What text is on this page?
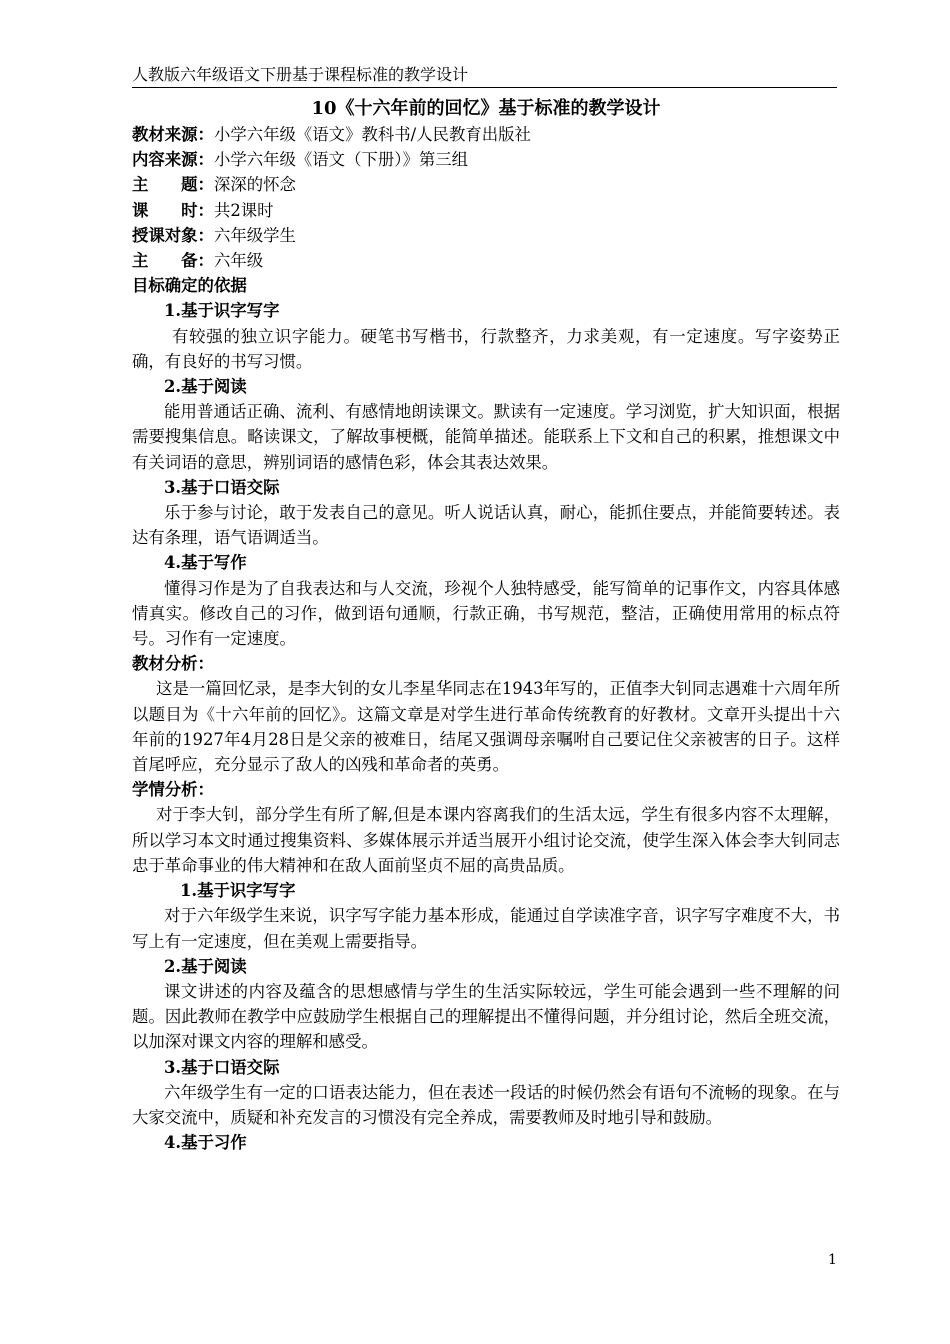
人教版六年级语文下册基于课程标准的教学设计

10《十六年前的回忆》基于标准的教学设计

教材来源：小学六年级《语文》教科书/人民教育出版社

内容来源：小学六年级《语文（下册）》第三组

主　　题：深深的怀念

课　　时：共2课时

授课对象：六年级学生

主　　备：六年级

目标确定的依据

1.基于识字写字

有较强的独立识字能力。硬笔书写楷书，行款整齐，力求美观，有一定速度。写字姿势正确，有良好的书写习惯。

2.基于阅读

能用普通话正确、流利、有感情地朗读课文。默读有一定速度。学习浏览，扩大知识面，根据需要搜集信息。略读课文，了解故事梗概，能简单描述。能联系上下文和自己的积累，推想课文中有关词语的意思，辨别词语的感情色彩，体会其表达效果。

3.基于口语交际

乐于参与讨论，敢于发表自己的意见。听人说话认真，耐心，能抓住要点，并能简要转述。表达有条理，语气语调适当。

4.基于写作

懂得习作是为了自我表达和与人交流，珍视个人独特感受，能写简单的记事作文，内容具体感情真实。修改自己的习作，做到语句通顺，行款正确，书写规范，整洁，正确使用常用的标点符号。习作有一定速度。

教材分析：

这是一篇回忆录，是李大钊的女儿李星华同志在1943年写的，正值李大钊同志遇难十六周年所以题目为《十六年前的回忆》。这篇文章是对学生进行革命传统教育的好教材。文章开头提出十六年前的1927年4月28日是父亲的被难日，结尾又强调母亲嘱咐自己要记住父亲被害的日子。这样首尾呼应，充分显示了敌人的凶残和革命者的英勇。

学情分析：

对于李大钊，部分学生有所了解,但是本课内容离我们的生活太远，学生有很多内容不太理解，所以学习本文时通过搜集资料、多媒体展示并适当展开小组讨论交流，使学生深入体会李大钊同志忠于革命事业的伟大精神和在敌人面前坚贞不屈的高贵品质。

1.基于识字写字

对于六年级学生来说，识字写字能力基本形成，能通过自学读准字音，识字写字难度不大，书写上有一定速度，但在美观上需要指导。

2.基于阅读

课文讲述的内容及蕴含的思想感情与学生的生活实际较远，学生可能会遇到一些不理解的问题。因此教师在教学中应鼓励学生根据自己的理解提出不懂得问题，并分组讨论，然后全班交流，以加深对课文内容的理解和感受。

3.基于口语交际

六年级学生有一定的口语表达能力，但在表述一段话的时候仍然会有语句不流畅的现象。在与大家交流中，质疑和补充发言的习惯没有完全养成，需要教师及时地引导和鼓励。

4.基于习作

1
